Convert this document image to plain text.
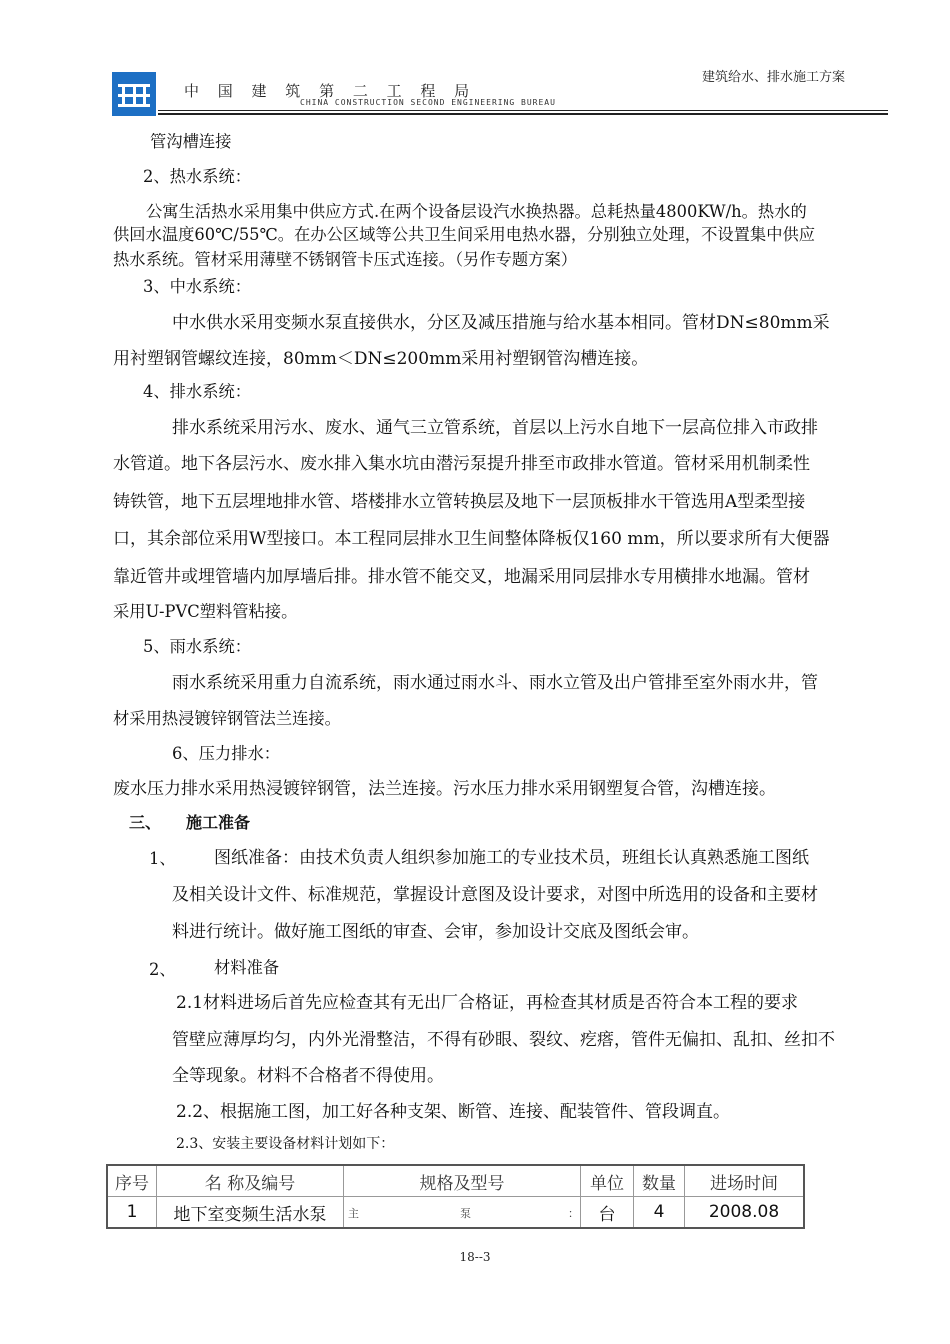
中 国 建 筑 第 二 工 程 局
CHINA CONSTRUCTION SECOND ENGINEERING BUREAU
建筑给水、排水施工方案
管沟槽连接
2、热水系统：
公寓生活热水采用集中供应方式.在两个设备层设汽水换热器。总耗热量4800KW/h。热水的
供回水温度60℃/55℃。在办公区域等公共卫生间采用电热水器，分别独立处理，不设置集中供应
热水系统。管材采用薄壁不锈钢管卡压式连接。（另作专题方案）
3、中水系统：
中水供水采用变频水泵直接供水，分区及减压措施与给水基本相同。管材DN≤80mm采
用衬塑钢管螺纹连接，80mm＜DN≤200mm采用衬塑钢管沟槽连接。
4、排水系统：
排水系统采用污水、废水、通气三立管系统，首层以上污水自地下一层高位排入市政排
水管道。地下各层污水、废水排入集水坑由潜污泵提升排至市政排水管道。管材采用机制柔性
铸铁管，地下五层埋地排水管、塔楼排水立管转换层及地下一层顶板排水干管选用A型柔型接
口，其余部位采用W型接口。本工程同层排水卫生间整体降板仅160 mm，所以要求所有大便器
靠近管井或埋管墙内加厚墙后排。排水管不能交叉，地漏采用同层排水专用横排水地漏。管材
采用U-PVC塑料管粘接。
5、雨水系统：
雨水系统采用重力自流系统，雨水通过雨水斗、雨水立管及出户管排至室外雨水井，管
材采用热浸镀锌钢管法兰连接。
6、压力排水：
废水压力排水采用热浸镀锌钢管，法兰连接。污水压力排水采用钢塑复合管，沟槽连接。
三、 施工准备
1、 图纸准备：由技术负责人组织参加施工的专业技术员，班组长认真熟悉施工图纸
及相关设计文件、标准规范，掌握设计意图及设计要求，对图中所选用的设备和主要材
料进行统计。做好施工图纸的审查、会审，参加设计交底及图纸会审。
2、 材料准备
2.1材料进场后首先应检查其有无出厂合格证，再检查其材质是否符合本工程的要求
管壁应薄厚均匀，内外光滑整洁，不得有砂眼、裂纹、疙瘩，管件无偏扣、乱扣、丝扣不
全等现象。材料不合格者不得使用。
2.2、根据施工图，加工好各种支架、断管、连接、配装管件、管段调直。
2.3、安装主要设备材料计划如下：
序号	名 称及编号	规格及型号	单位	数量	进场时间
1	地下室变频生活水泵	主 泵 ：	台	4	2008.08
18--3
